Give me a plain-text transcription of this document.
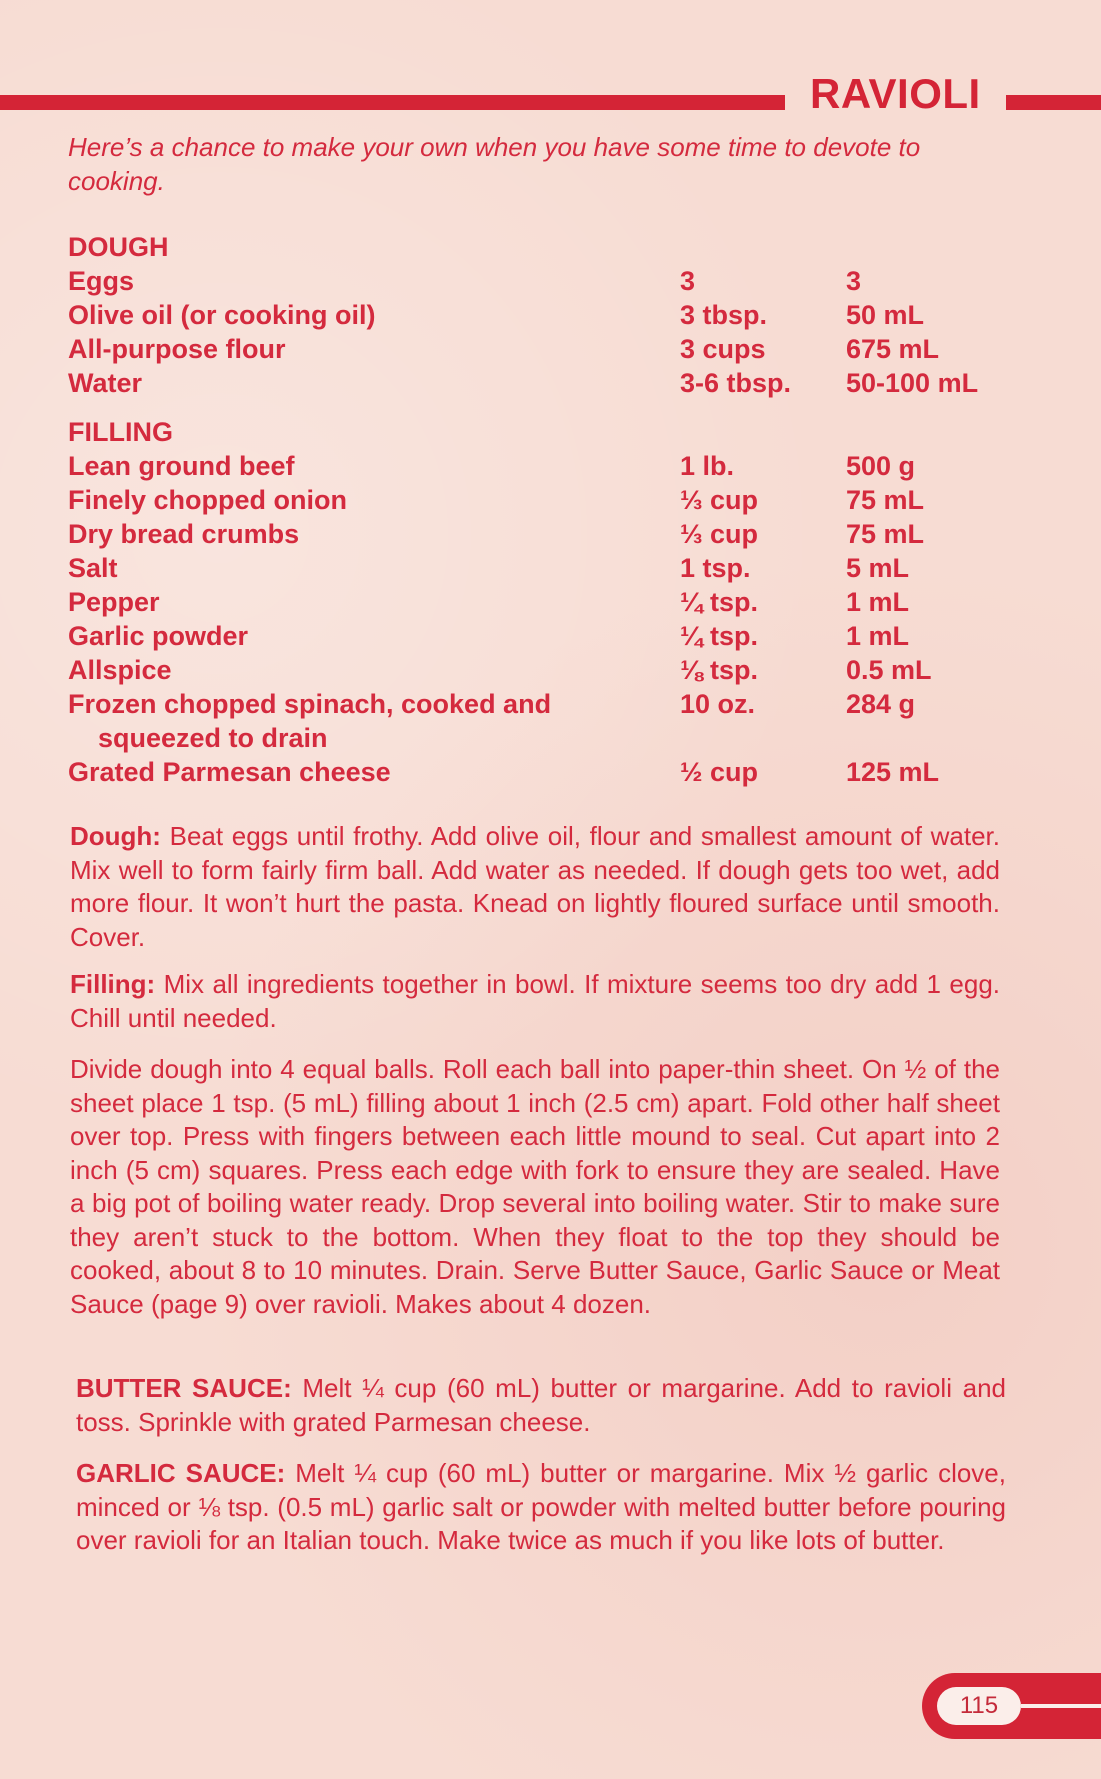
RAVIOLI
Here’s a chance to make your own when you have some time to devote to cooking.
DOUGH
Eggs	3	3
Olive oil (or cooking oil)	3 tbsp.	50 mL
All-purpose flour	3 cups	675 mL
Water	3-6 tbsp.	50-100 mL
FILLING
Lean ground beef	1 lb.	500 g
Finely chopped onion	⅓ cup	75 mL
Dry bread crumbs	⅓ cup	75 mL
Salt	1 tsp.	5 mL
Pepper	¼ tsp.	1 mL
Garlic powder	¼ tsp.	1 mL
Allspice	⅛ tsp.	0.5 mL
Frozen chopped spinach, cooked and
squeezed to drain
10 oz.	284 g
Grated Parmesan cheese	½ cup	125 mL
Dough: Beat eggs until frothy. Add olive oil, flour and smallest amount of water. Mix well to form fairly firm ball. Add water as needed. If dough gets too wet, add more flour. It won’t hurt the pasta. Knead on lightly floured surface until smooth. Cover.
Filling: Mix all ingredients together in bowl. If mixture seems too dry add 1 egg. Chill until needed.
Divide dough into 4 equal balls. Roll each ball into paper-thin sheet. On ½ of the sheet place 1 tsp. (5 mL) filling about 1 inch (2.5 cm) apart. Fold other half sheet over top. Press with fingers between each little mound to seal. Cut apart into 2 inch (5 cm) squares. Press each edge with fork to ensure they are sealed. Have a big pot of boiling water ready. Drop several into boiling water. Stir to make sure they aren’t stuck to the bottom. When they float to the top they should be cooked, about 8 to 10 minutes. Drain. Serve Butter Sauce, Garlic Sauce or Meat Sauce (page 9) over ravioli. Makes about 4 dozen.
BUTTER SAUCE: Melt ¼ cup (60 mL) butter or margarine. Add to ravioli and toss. Sprinkle with grated Parmesan cheese.
GARLIC SAUCE: Melt ¼ cup (60 mL) butter or margarine. Mix ½ garlic clove, minced or ⅛ tsp. (0.5 mL) garlic salt or powder with melted butter before pouring over ravioli for an Italian touch. Make twice as much if you like lots of butter.
115
